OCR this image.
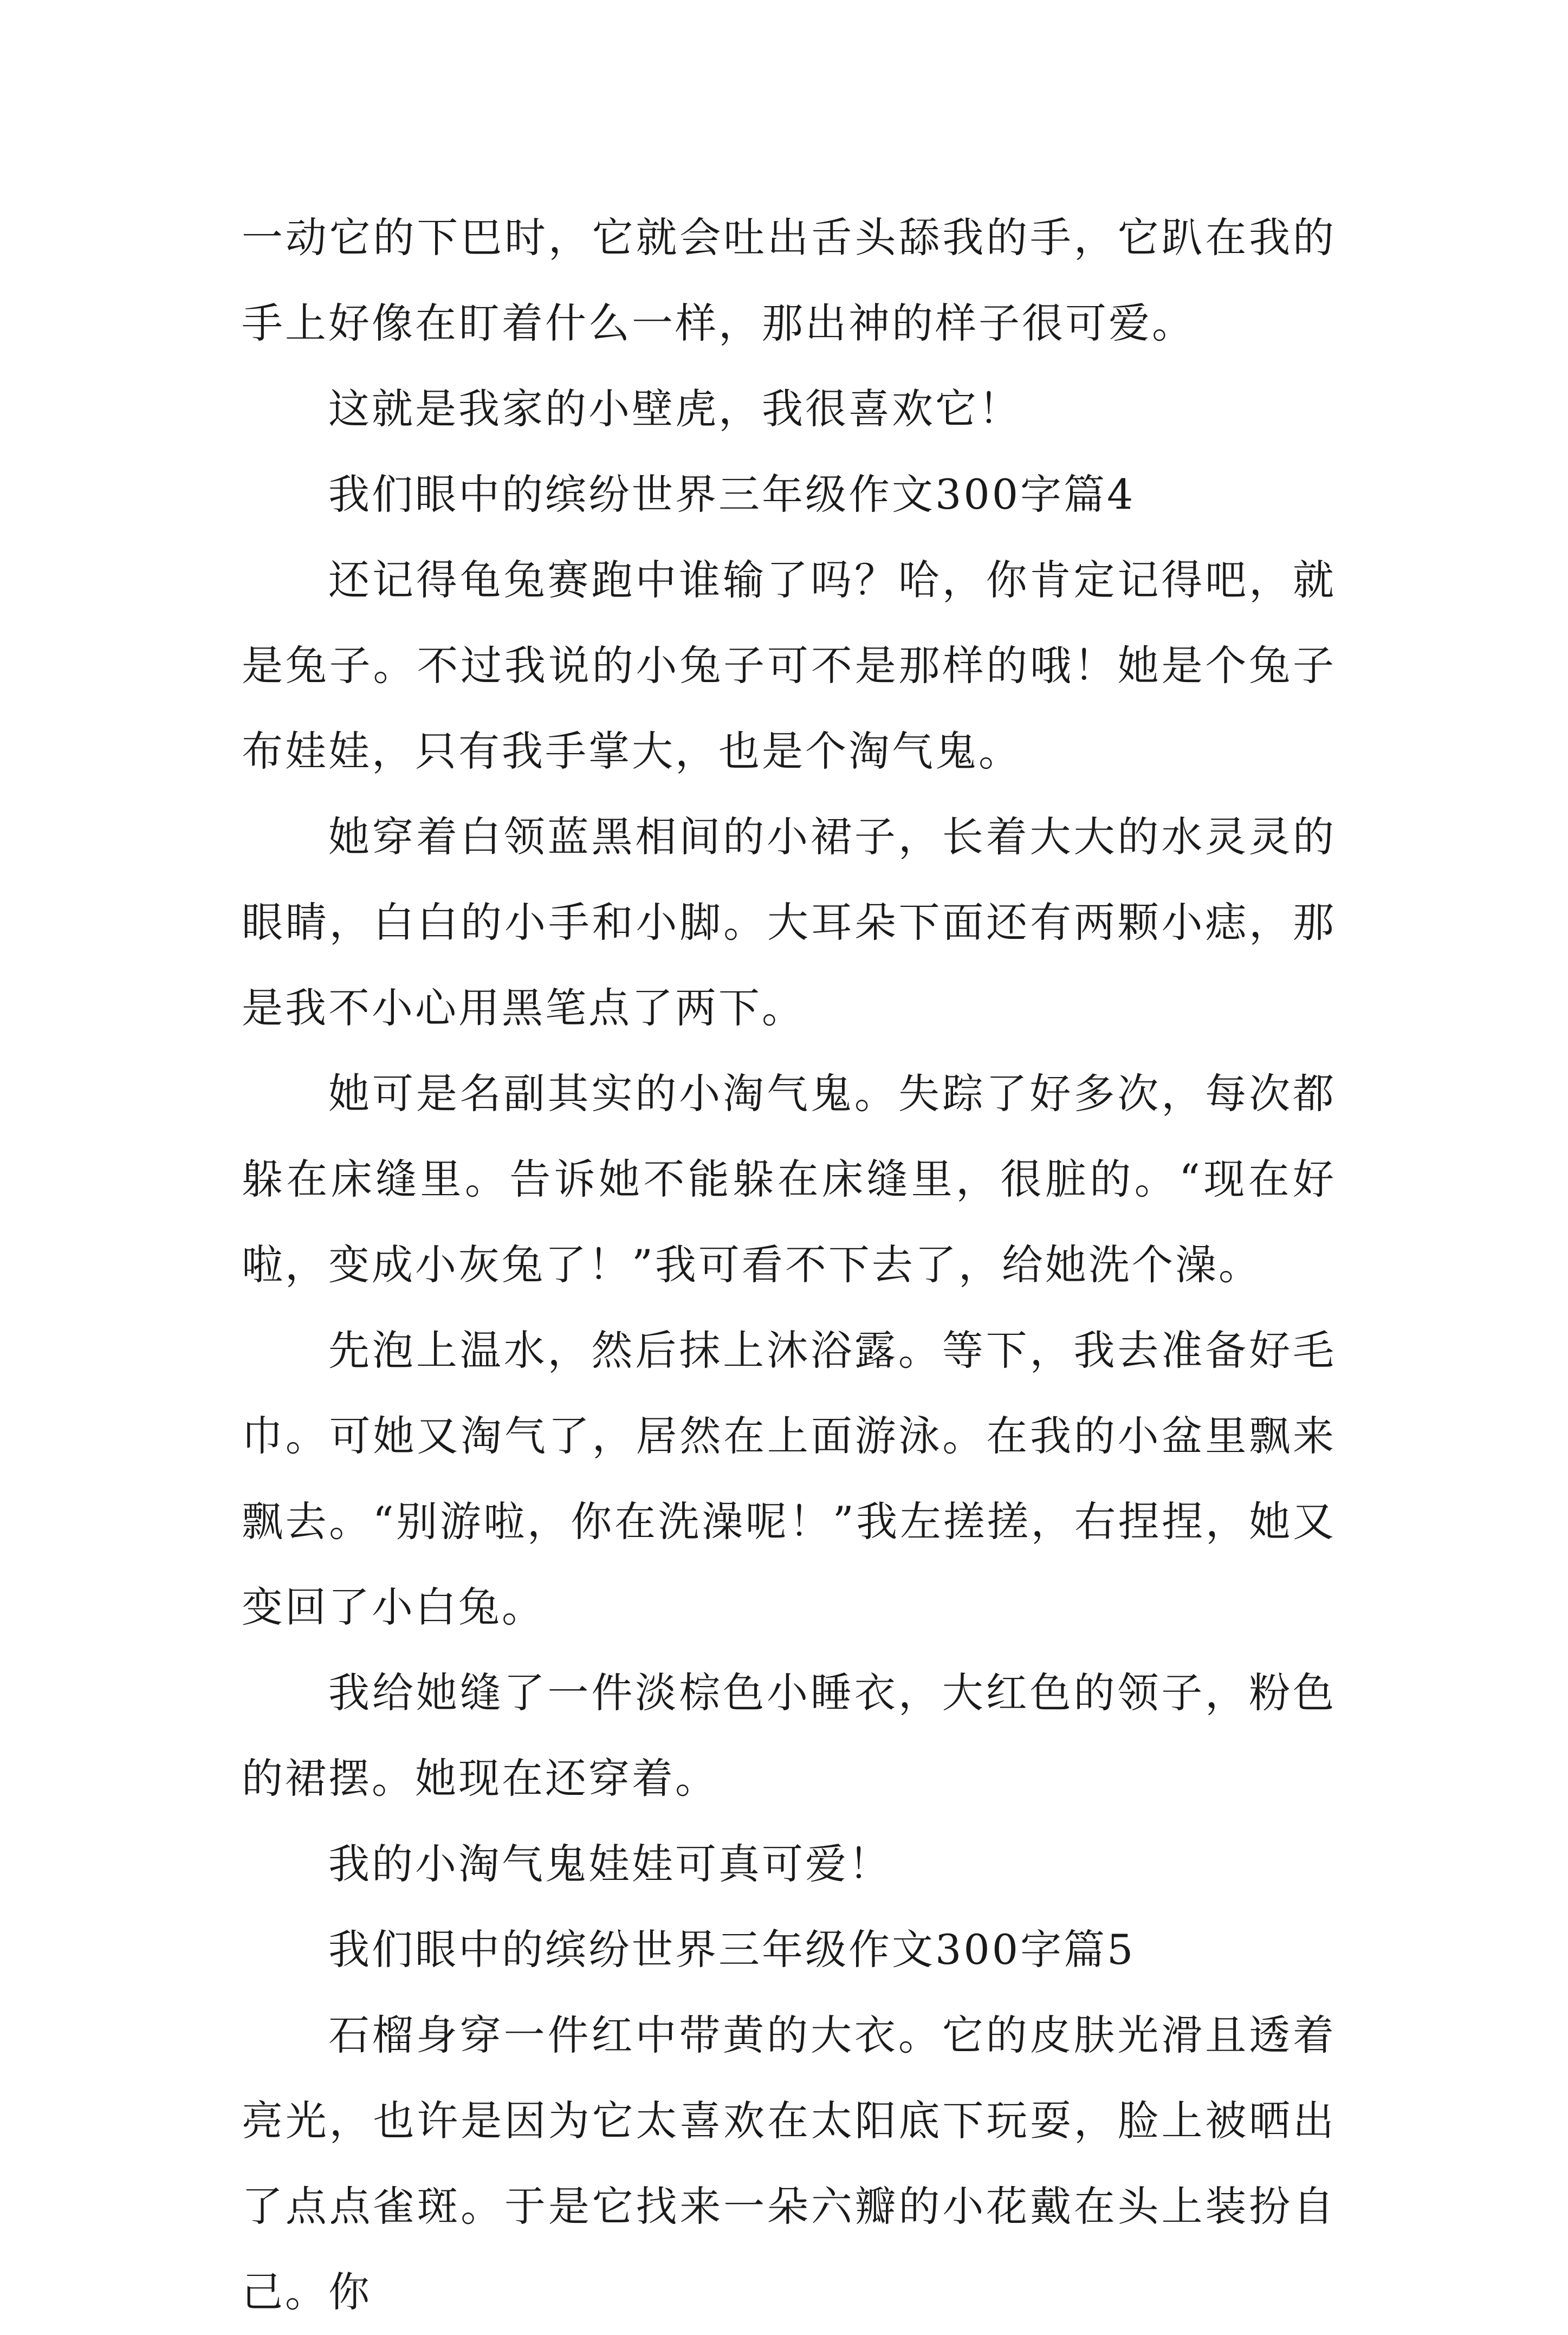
一动它的下巴时，它就会吐出舌头舔我的手，它趴在我的手上好像在盯着什么一样，那出神的样子很可爱。

这就是我家的小壁虎，我很喜欢它！

我们眼中的缤纷世界三年级作文300字篇4

还记得龟兔赛跑中谁输了吗？哈，你肯定记得吧，就是兔子。不过我说的小兔子可不是那样的哦！她是个兔子布娃娃，只有我手掌大，也是个淘气鬼。

她穿着白领蓝黑相间的小裙子，长着大大的水灵灵的眼睛，白白的小手和小脚。大耳朵下面还有两颗小痣，那是我不小心用黑笔点了两下。

她可是名副其实的小淘气鬼。失踪了好多次，每次都躲在床缝里。告诉她不能躲在床缝里，很脏的。“现在好啦，变成小灰兔了！”我可看不下去了，给她洗个澡。

先泡上温水，然后抹上沐浴露。等下，我去准备好毛巾。可她又淘气了，居然在上面游泳。在我的小盆里飘来飘去。“别游啦，你在洗澡呢！”我左搓搓，右捏捏，她又变回了小白兔。

我给她缝了一件淡棕色小睡衣，大红色的领子，粉色的裙摆。她现在还穿着。

我的小淘气鬼娃娃可真可爱！

我们眼中的缤纷世界三年级作文300字篇5

石榴身穿一件红中带黄的大衣。它的皮肤光滑且透着亮光，也许是因为它太喜欢在太阳底下玩耍，脸上被晒出了点点雀斑。于是它找来一朵六瓣的小花戴在头上装扮自己。你
